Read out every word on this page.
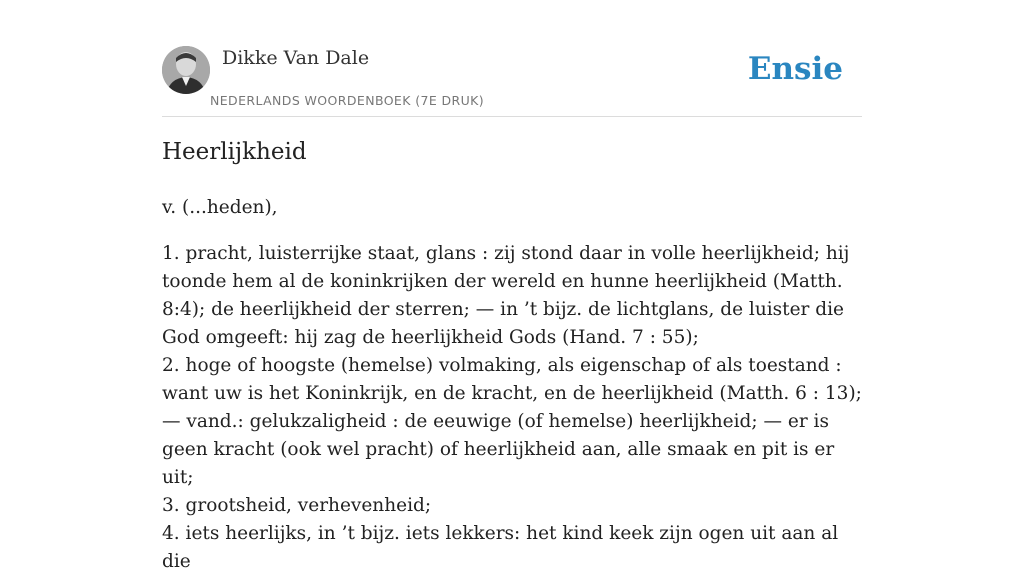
Dikke Van Dale
NEDERLANDS WOORDENBOEK (7E DRUK)
Ensie
Heerlijkheid

v. (...heden),

1. pracht, luisterrijke staat, glans : zij stond daar in volle heerlijkheid; hij toonde hem al de koninkrijken der wereld en hunne heerlijkheid (Matth. 8:4); de heerlijkheid der sterren; — in ’t bijz. de lichtglans, de luister die God omgeeft: hij zag de heerlijkheid Gods (Hand. 7 : 55);

2. hoge of hoogste (hemelse) volmaking, als eigenschap of als toestand : want uw is het Koninkrijk, en de kracht, en de heerlijkheid (Matth. 6 : 13); — vand.: gelukzaligheid : de eeuwige (of hemelse) heerlijkheid; — er is geen kracht (ook wel pracht) of heerlijkheid aan, alle smaak en pit is er uit;

3. grootsheid, verhevenheid;

4. iets heerlijks, in ’t bijz. iets lekkers: het kind keek zijn ogen uit aan al die
